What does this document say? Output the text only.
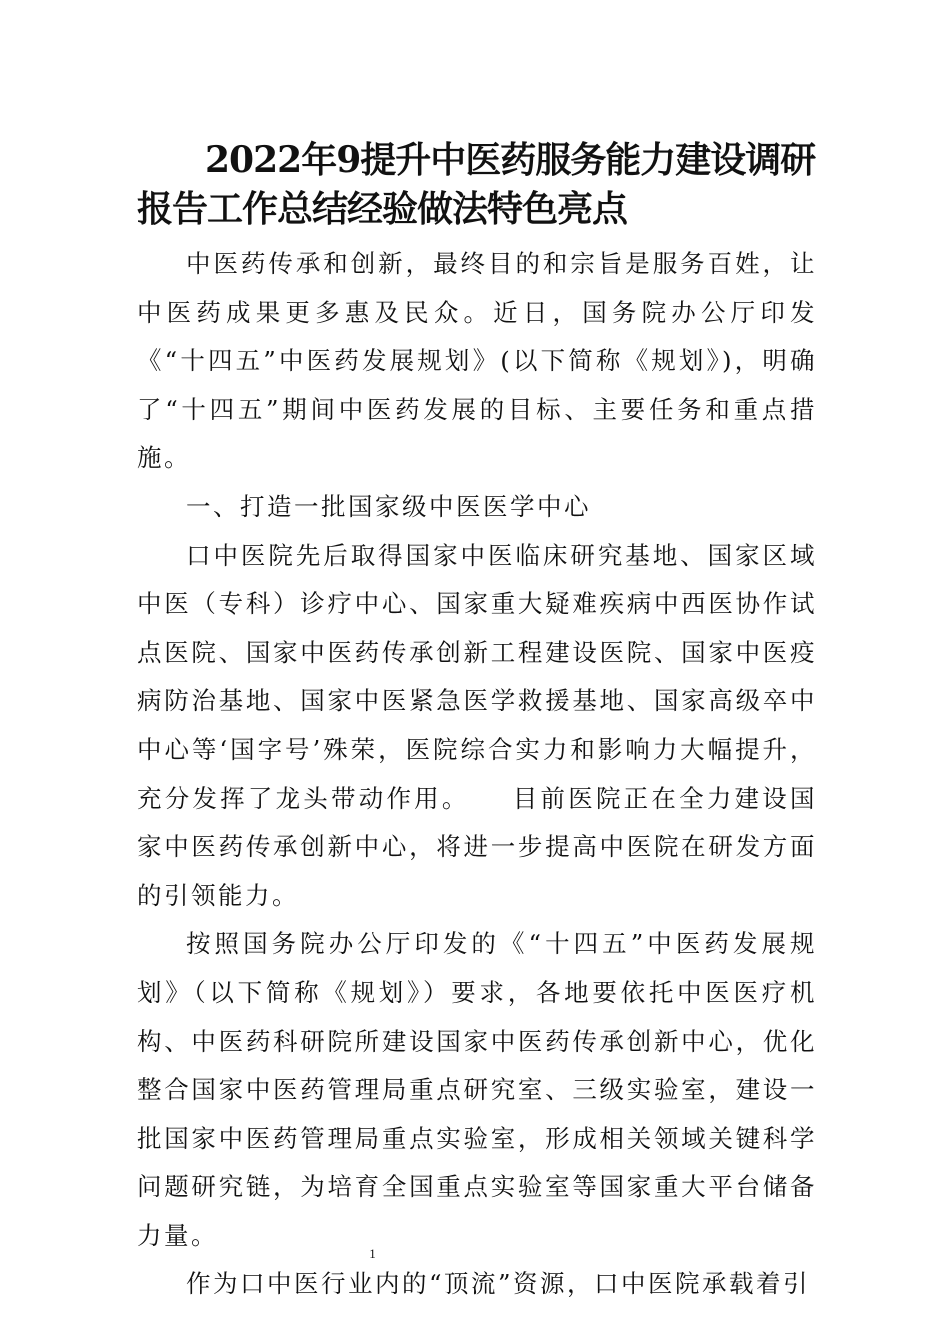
2022年9提升中医药服务能力建设调研报告工作总结经验做法特色亮点

中医药传承和创新，最终目的和宗旨是服务百姓，让中医药成果更多惠及民众。近日，国务院办公厅印发《“十四五”中医药发展规划》(以下简称《规划》)，明确了“十四五”期间中医药发展的目标、主要任务和重点措施。

一、打造一批国家级中医医学中心

口中医院先后取得国家中医临床研究基地、国家区域中医（专科）诊疗中心、国家重大疑难疾病中西医协作试点医院、国家中医药传承创新工程建设医院、国家中医疫病防治基地、国家中医紧急医学救援基地、国家高级卒中中心等‘国字号’殊荣，医院综合实力和影响力大幅提升，充分发挥了龙头带动作用。　　目前医院正在全力建设国家中医药传承创新中心，将进一步提高中医院在研发方面的引领能力。

按照国务院办公厅印发的《“十四五”中医药发展规划》（以下简称《规划》）要求，各地要依托中医医疗机构、中医药科研院所建设国家中医药传承创新中心，优化整合国家中医药管理局重点研究室、三级实验室，建设一批国家中医药管理局重点实验室，形成相关领域关键科学问题研究链，为培育全国重点实验室等国家重大平台储备力量。

作为口中医行业内的“顶流”资源，口中医院承载着引

1
